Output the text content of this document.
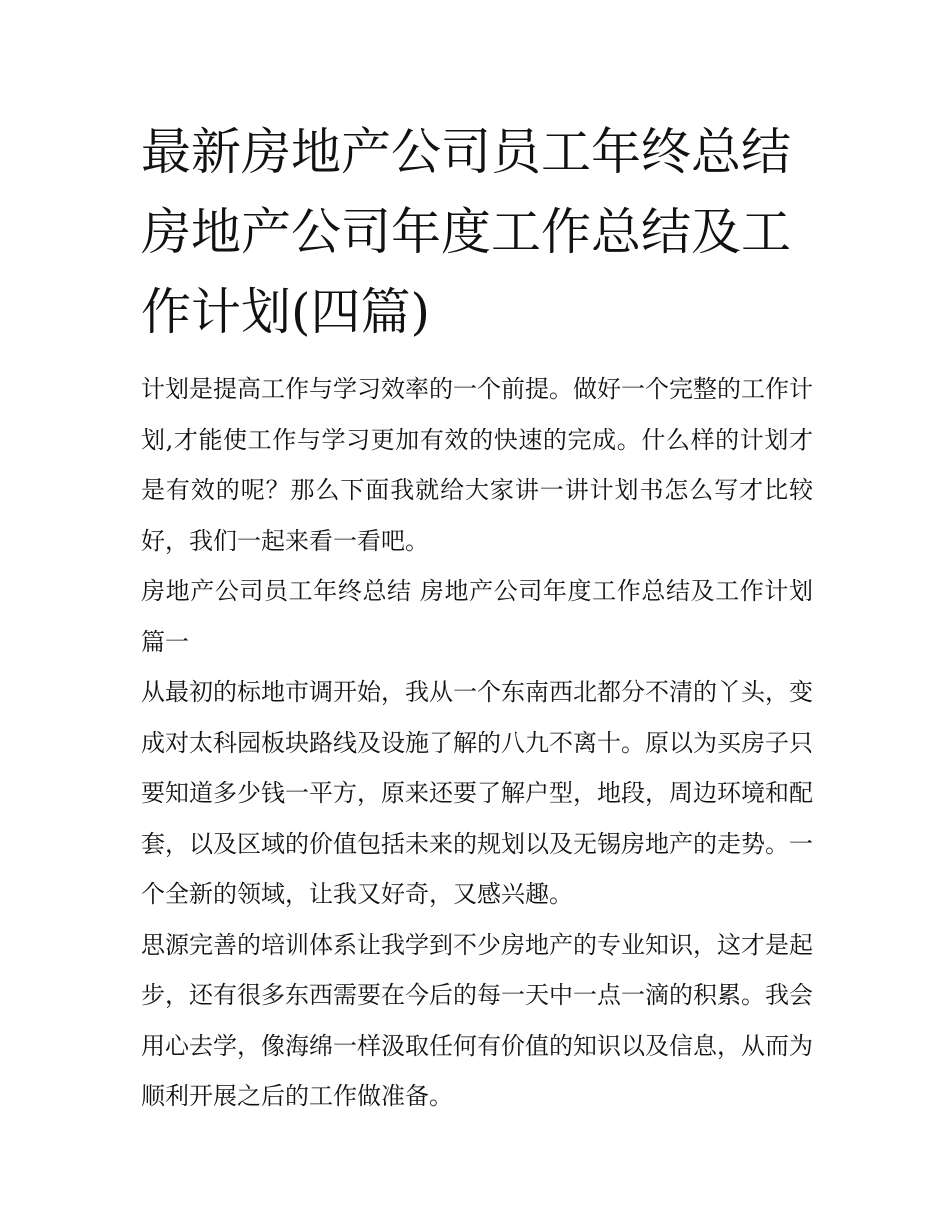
最新房地产公司员工年终总结 房地产公司年度工作总结及工作计划(四篇)

计划是提高工作与学习效率的一个前提。做好一个完整的工作计划,才能使工作与学习更加有效的快速的完成。什么样的计划才是有效的呢？那么下面我就给大家讲一讲计划书怎么写才比较好，我们一起来看一看吧。

房地产公司员工年终总结 房地产公司年度工作总结及工作计划篇一

从最初的标地市调开始，我从一个东南西北都分不清的丫头，变成对太科园板块路线及设施了解的八九不离十。原以为买房子只要知道多少钱一平方，原来还要了解户型，地段，周边环境和配套，以及区域的价值包括未来的规划以及无锡房地产的走势。一个全新的领域，让我又好奇，又感兴趣。

思源完善的培训体系让我学到不少房地产的专业知识，这才是起步，还有很多东西需要在今后的每一天中一点一滴的积累。我会用心去学，像海绵一样汲取任何有价值的知识以及信息，从而为顺利开展之后的工作做准备。
